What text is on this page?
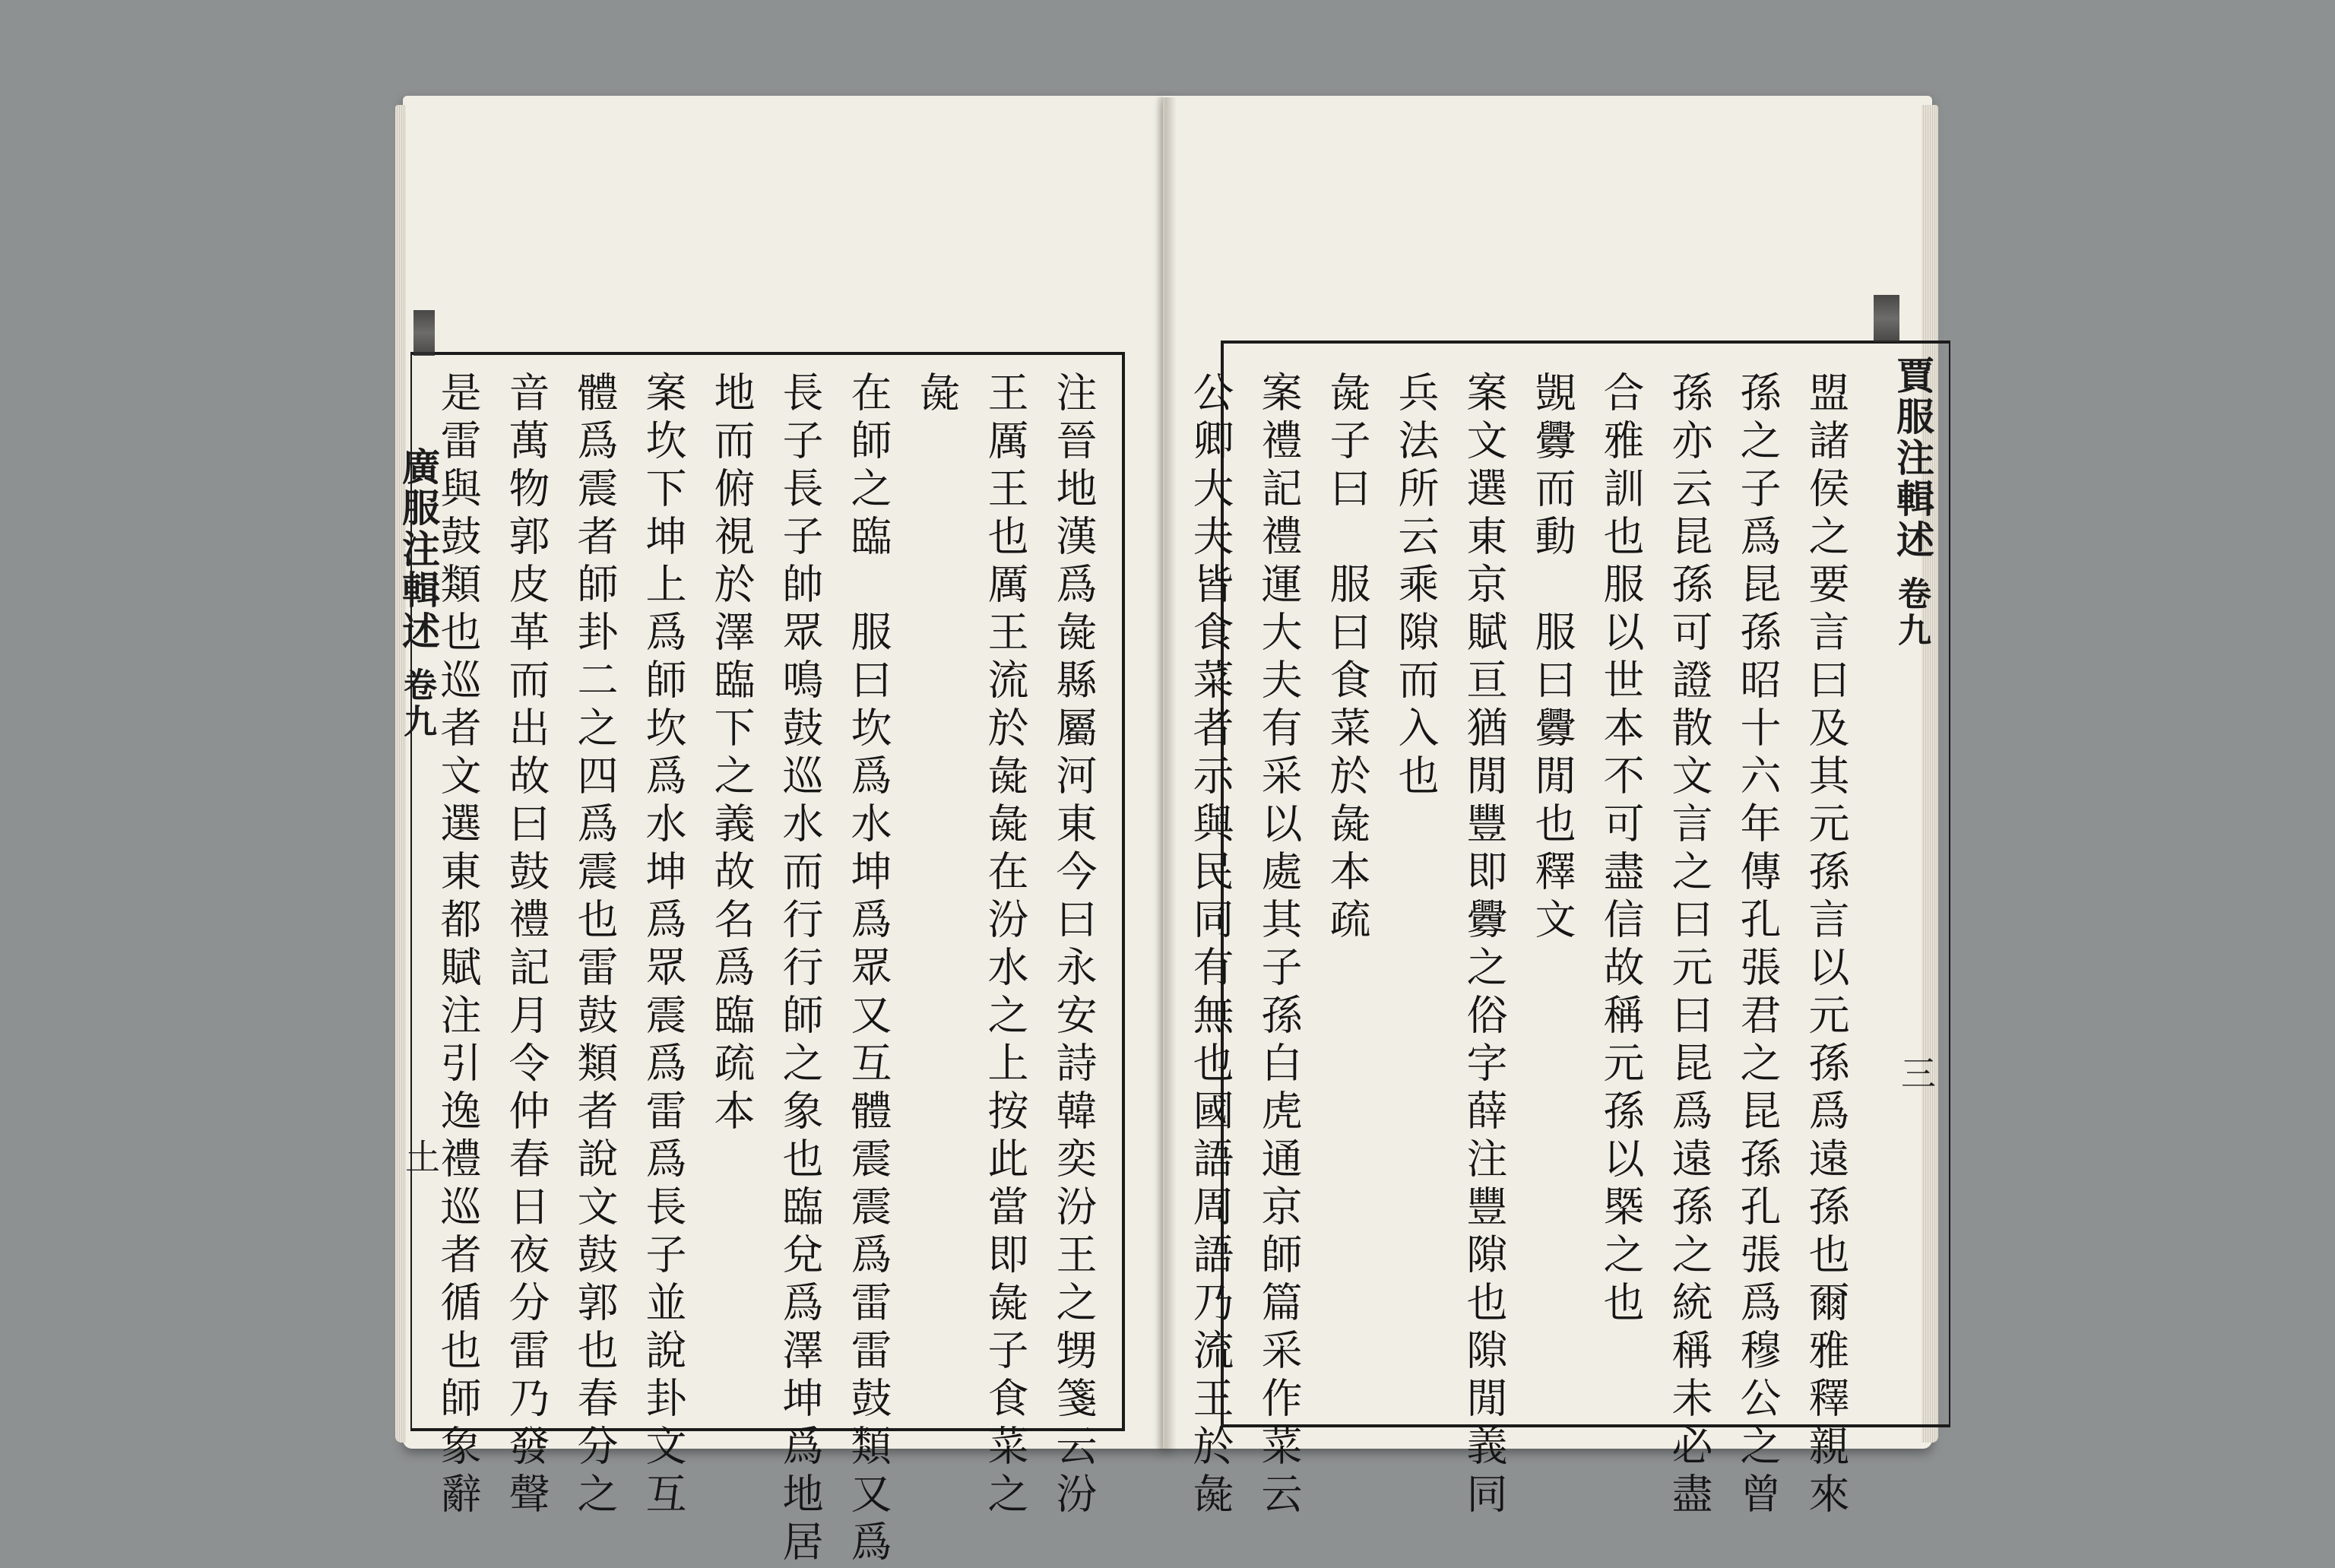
廣服注輯述
卷九
土	注晉地漢爲彘縣屬河東今曰永安詩韓奕汾王之甥箋云汾
王厲王也厲王流於彘彘在汾水之上按此當即彘子食菜之
彘
在師之臨　服曰坎爲水坤爲眾又互體震震爲雷雷鼓類又爲
長子長子帥眾鳴鼓巡水而行行師之象也臨兌爲澤坤爲地居
地而俯視於澤臨下之義故名爲臨疏本
案坎下坤上爲師坎爲水坤爲眾震爲雷爲長子並說卦文互
體爲震者師卦二之四爲震也雷鼓類者說文鼓郭也春分之
音萬物郭皮革而出故曰鼓禮記月令仲春日夜分雷乃發聲
是雷與鼓類也巡者文選東都賦注引逸禮巡者循也師象辭	賈服注輯述
卷九
三
盟諸侯之要言曰及其元孫言以元孫爲遠孫也爾雅釋親來
孫之子爲昆孫昭十六年傳孔張君之昆孫孔張爲穆公之曾
孫亦云昆孫可證散文言之曰元曰昆爲遠孫之統稱未必盡
合雅訓也服以世本不可盡信故稱元孫以槩之也
覬釁而動　服曰釁閒也釋文
案文選東京賦亘猶閒豐即釁之俗字薛注豐隙也隙閒義同
兵法所云乘隙而入也
彘子曰　服曰食菜於彘本疏
案禮記禮運大夫有采以處其子孫白虎通京師篇采作菜云
公卿大夫皆食菜者示與民同有無也國語周語乃流王於彘
